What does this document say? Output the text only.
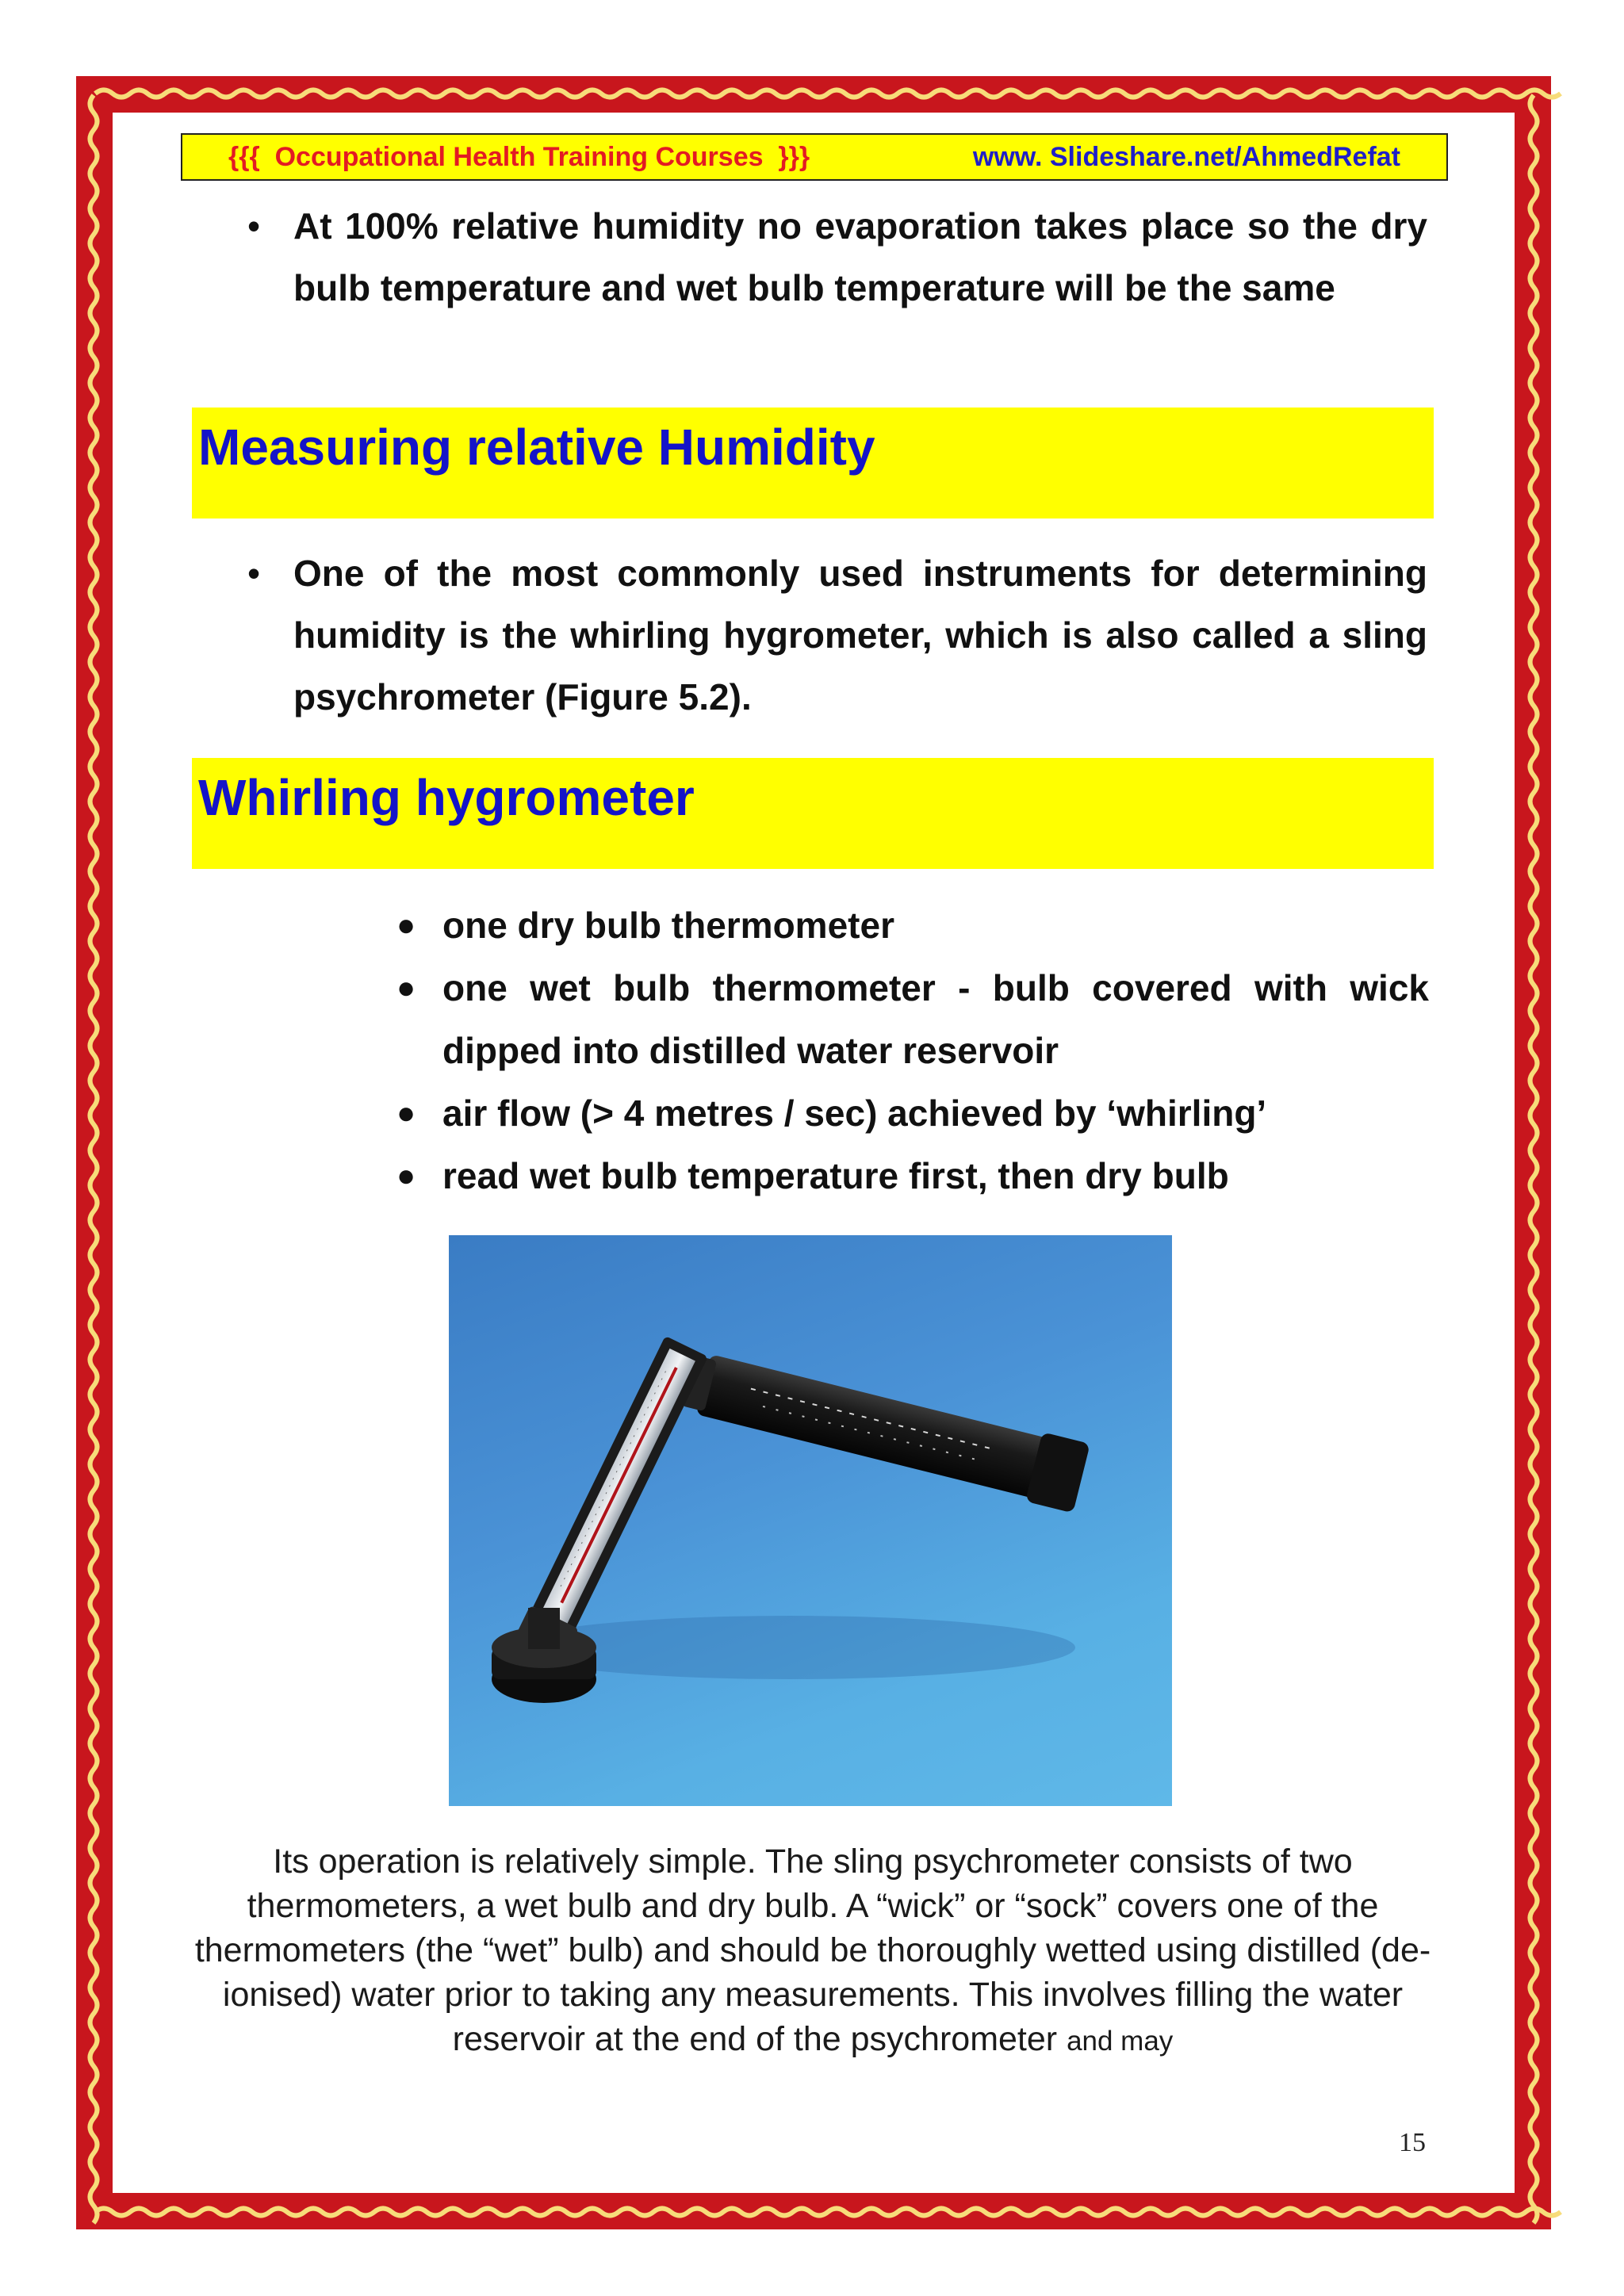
{{{ Occupational Health Training Courses }}}	www. Slideshare.net/AhmedRefat
• At 100% relative humidity no evaporation takes place so the dry bulb temperature and wet bulb temperature will be the same
Measuring relative Humidity
• One of the most commonly used instruments for determining humidity is the whirling hygrometer, which is also called a sling psychrometer (Figure 5.2).
Whirling hygrometer
● one dry bulb thermometer
● one wet bulb thermometer - bulb covered with wick dipped into distilled water reservoir
● air flow (> 4 metres / sec) achieved by ‘whirling’
● read wet bulb temperature first, then dry bulb
Its operation is relatively simple. The sling psychrometer consists of two thermometers, a wet bulb and dry bulb. A “wick” or “sock” covers one of the thermometers (the “wet” bulb) and should be thoroughly wetted using distilled (de-ionised) water prior to taking any measurements. This involves filling the water reservoir at the end of the psychrometer and may
15
